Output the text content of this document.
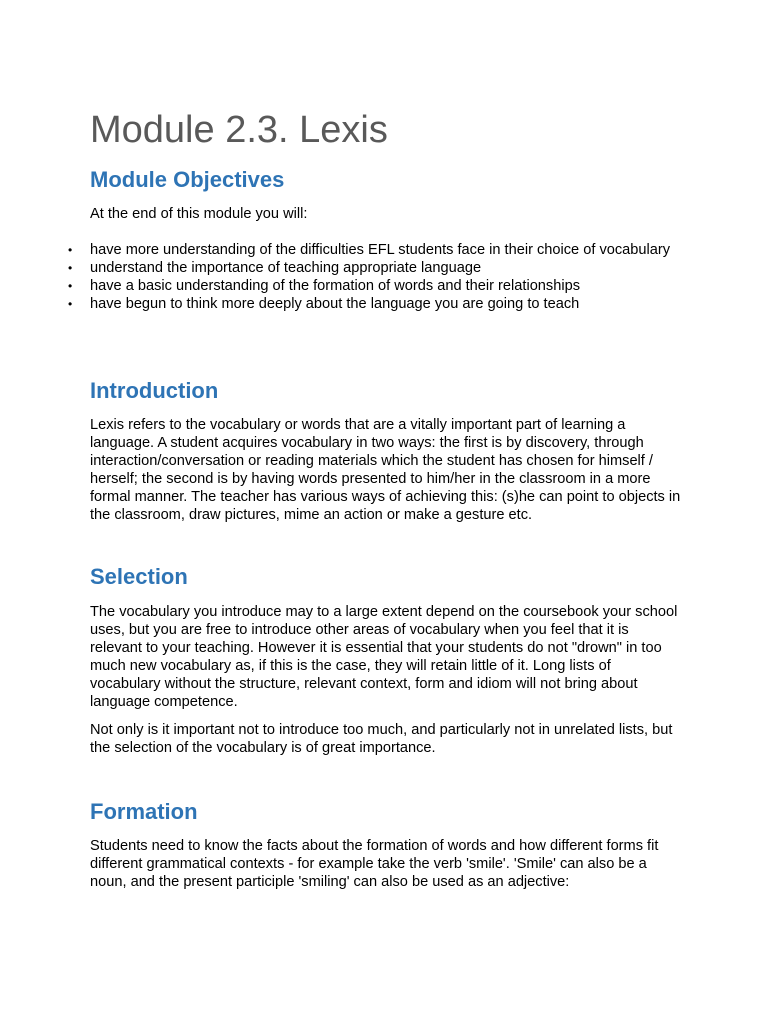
Module 2.3. Lexis
Module Objectives

At the end of this module you will:

• have more understanding of the difficulties EFL students face in their choice of vocabulary
• understand the importance of teaching appropriate language
• have a basic understanding of the formation of words and their relationships
• have begun to think more deeply about the language you are going to teach
Introduction

Lexis refers to the vocabulary or words that are a vitally important part of learning a language. A student acquires vocabulary in two ways: the first is by discovery, through interaction/conversation or reading materials which the student has chosen for himself / herself; the second is by having words presented to him/her in the classroom in a more formal manner. The teacher has various ways of achieving this: (s)he can point to objects in the classroom, draw pictures, mime an action or make a gesture etc.

Selection

The vocabulary you introduce may to a large extent depend on the coursebook your school uses, but you are free to introduce other areas of vocabulary when you feel that it is relevant to your teaching. However it is essential that your students do not "drown" in too much new vocabulary as, if this is the case, they will retain little of it. Long lists of vocabulary without the structure, relevant context, form and idiom will not bring about language competence.

Not only is it important not to introduce too much, and particularly not in unrelated lists, but the selection of the vocabulary is of great importance.

Formation

Students need to know the facts about the formation of words and how different forms fit different grammatical contexts - for example take the verb 'smile'. 'Smile' can also be a noun, and the present participle 'smiling' can also be used as an adjective:
